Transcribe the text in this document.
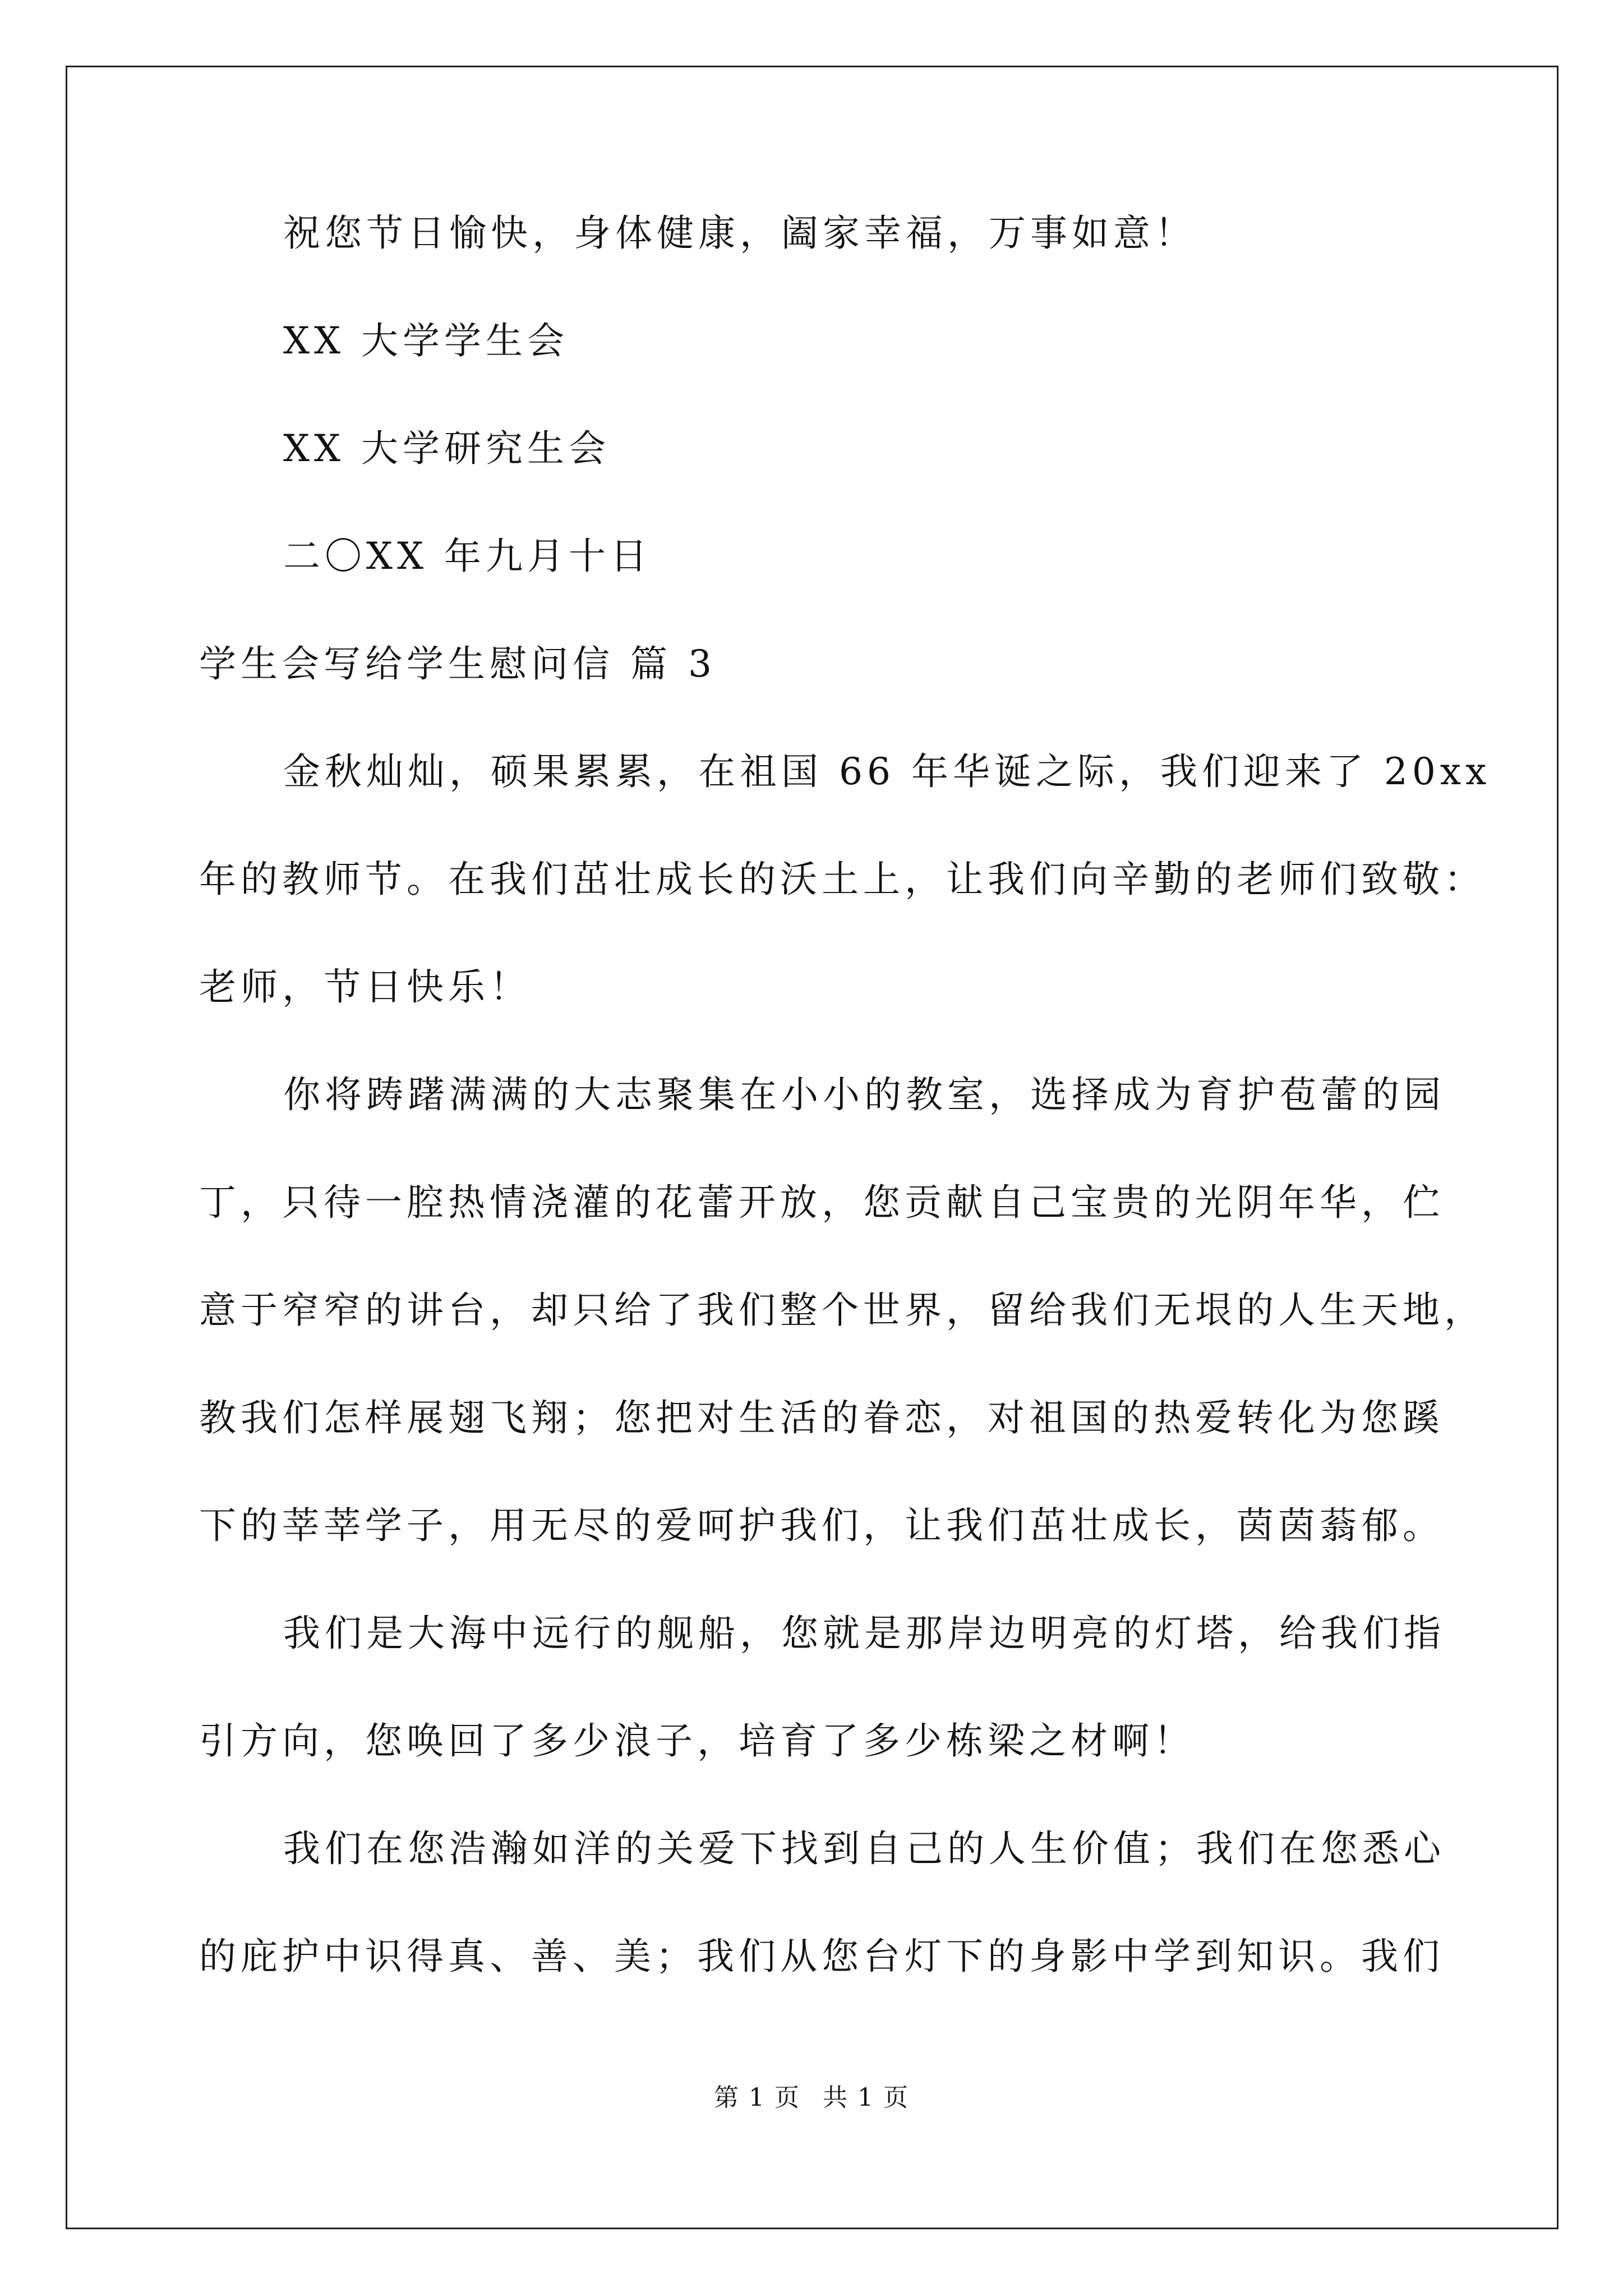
祝您节日愉快，身体健康，阖家幸福，万事如意！
XX 大学学生会
XX 大学研究生会
二〇XX 年九月十日
学生会写给学生慰问信 篇 3
金秋灿灿，硕果累累，在祖国 66 年华诞之际，我们迎来了 20xx
年的教师节。在我们茁壮成长的沃土上，让我们向辛勤的老师们致敬：
老师，节日快乐！
你将踌躇满满的大志聚集在小小的教室，选择成为育护苞蕾的园
丁，只待一腔热情浇灌的花蕾开放，您贡献自己宝贵的光阴年华，伫
意于窄窄的讲台，却只给了我们整个世界，留给我们无垠的人生天地，
教我们怎样展翅飞翔；您把对生活的眷恋，对祖国的热爱转化为您蹊
下的莘莘学子，用无尽的爱呵护我们，让我们茁壮成长，茵茵蓊郁。
我们是大海中远行的舰船，您就是那岸边明亮的灯塔，给我们指
引方向，您唤回了多少浪子，培育了多少栋梁之材啊！
我们在您浩瀚如洋的关爱下找到自己的人生价值；我们在您悉心
的庇护中识得真、善、美；我们从您台灯下的身影中学到知识。我们
第 1 页 共 1 页
